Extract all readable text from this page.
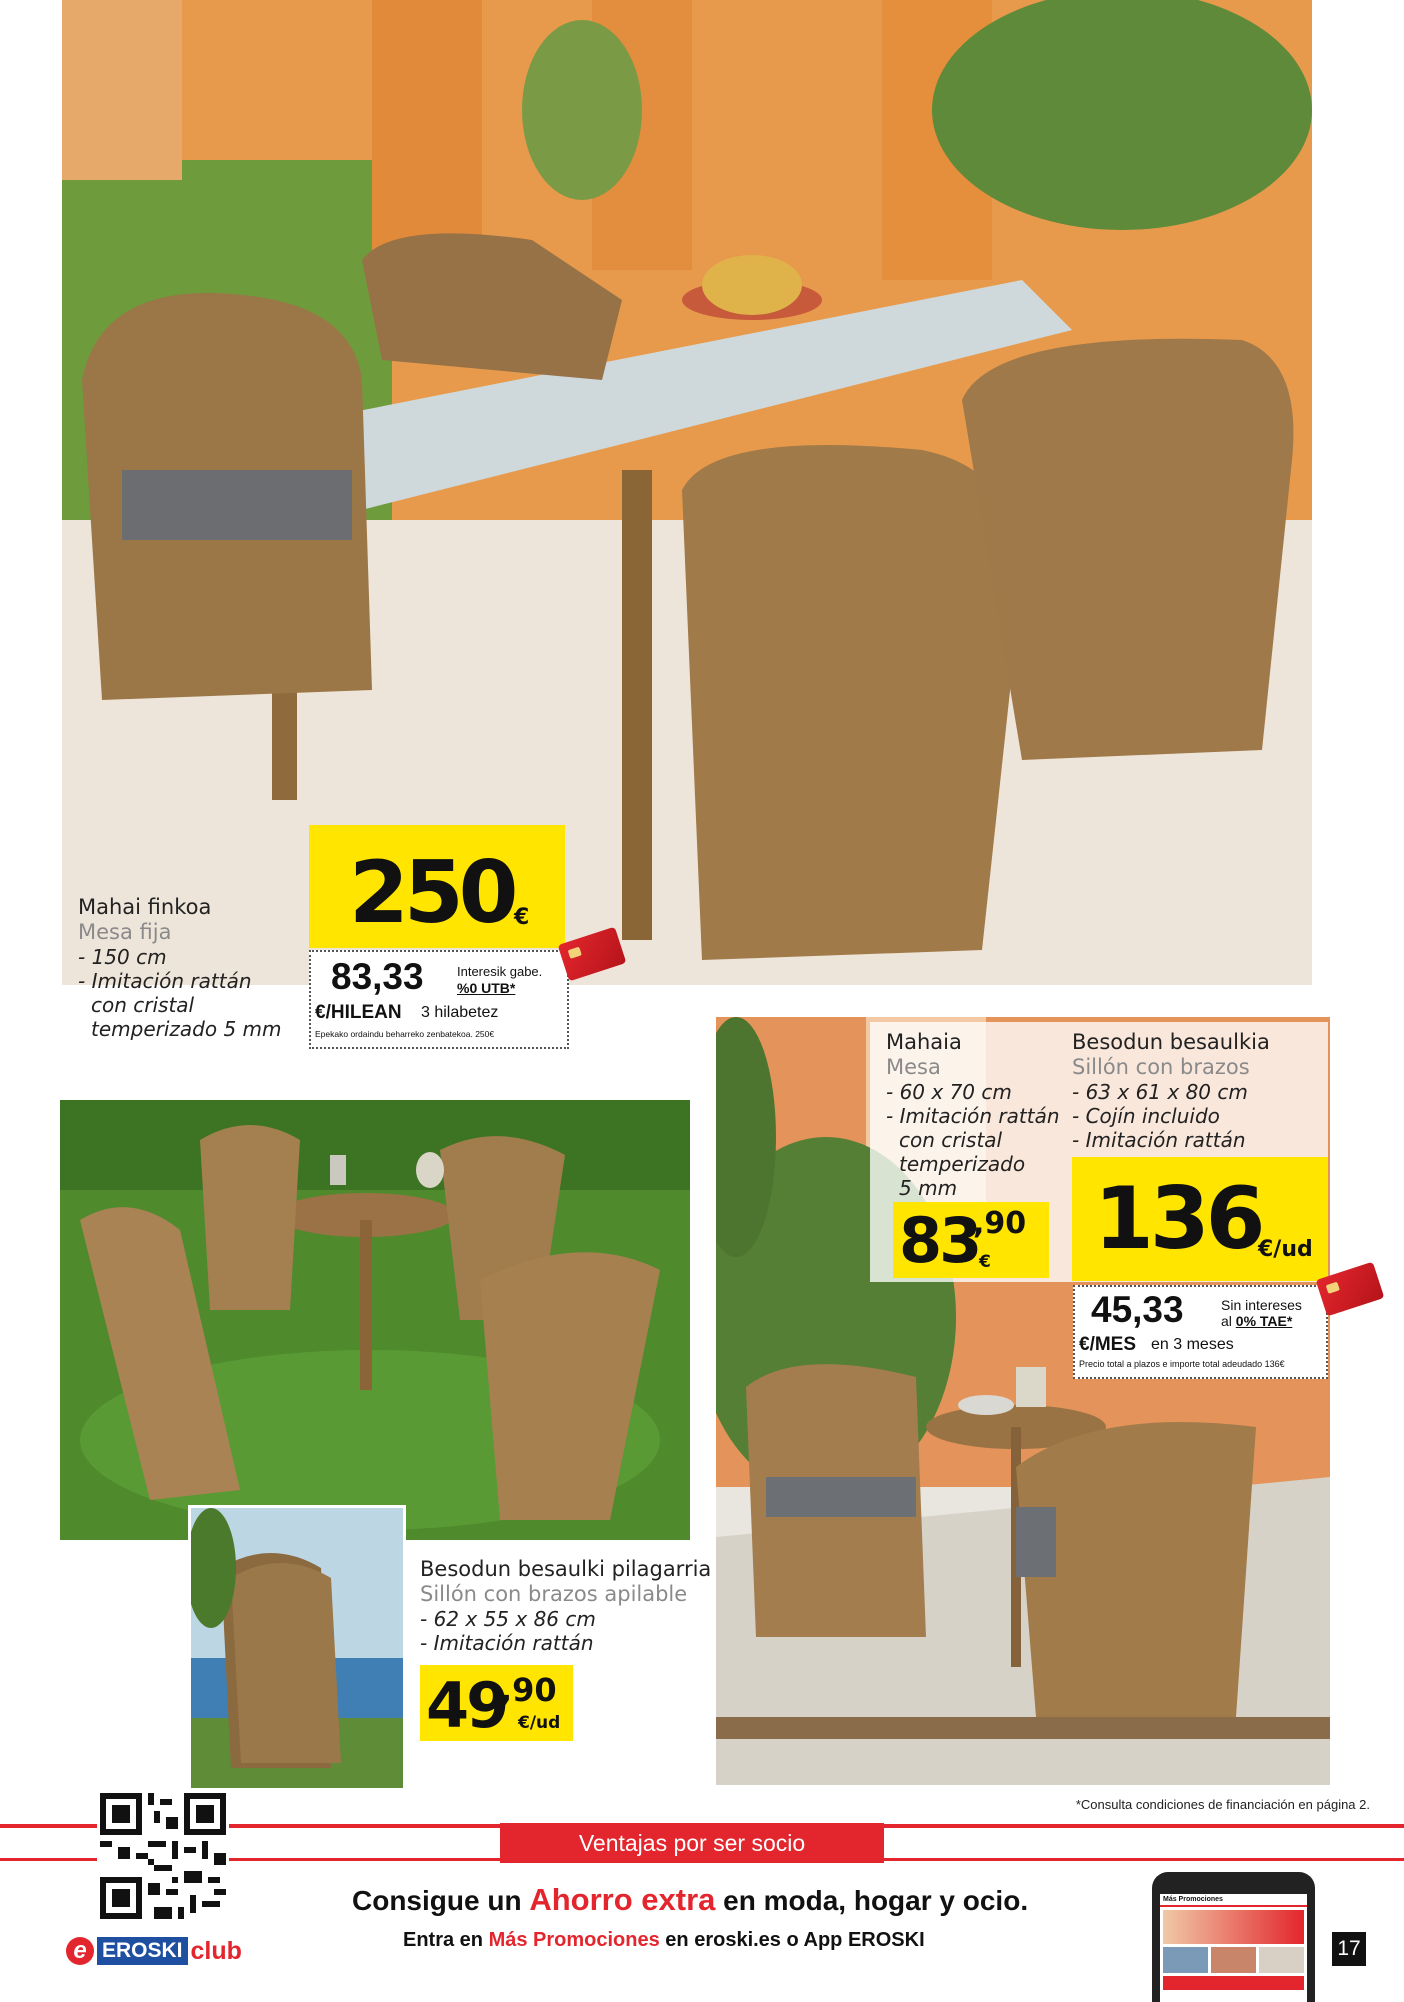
Mahai finkoa
Mesa fija
- 150 cm
- Imitación rattán
con cristal
temperizado 5 mm
250 €
83,33	Interesik gabe.
%0 UTB*
€/HILEAN 3 hilabetez
Epekako ordaindu beharreko zenbatekoa. 250€
Besodun besaulki pilagarria
Sillón con brazos apilable
- 62 x 55 x 86 cm
- Imitación rattán
49
,90
€/ud
Mahaia
Mesa
- 60 x 70 cm
- Imitación rattán
con cristal
temperizado
5 mm
83
,90
€
Besodun besaulkia
Sillón con brazos
- 63 x 61 x 80 cm
- Cojín incluido
- Imitación rattán
136
€/ud
45,33	Sin intereses
al 0% TAE*
€/MES en 3 meses
Precio total a plazos e importe total adeudado 136€
*Consulta condiciones de financiación en página 2.
Ventajas por ser socio
e EROSKI club
Consigue un Ahorro extra en moda, hogar y ocio.
Entra en Más Promociones en eroski.es o App EROSKI
Más Promociones
17
